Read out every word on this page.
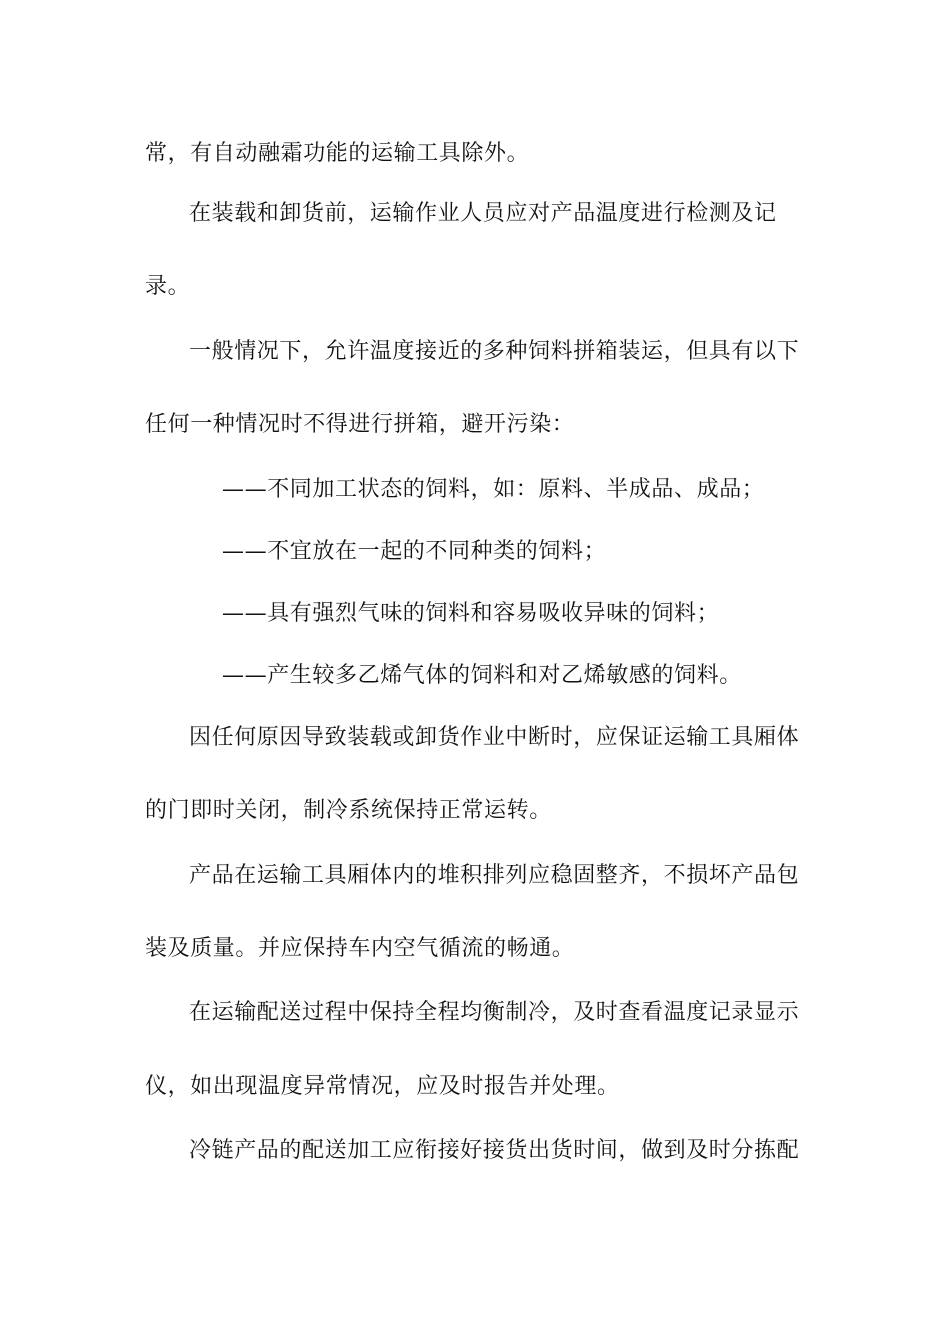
常，有自动融霜功能的运输工具除外。
在装载和卸货前，运输作业人员应对产品温度进行检测及记
录。
一般情况下，允许温度接近的多种饲料拼箱装运，但具有以下
任何一种情况时不得进行拼箱，避开污染：
——不同加工状态的饲料，如：原料、半成品、成品；
——不宜放在一起的不同种类的饲料；
——具有强烈气味的饲料和容易吸收异味的饲料；
——产生较多乙烯气体的饲料和对乙烯敏感的饲料。
因任何原因导致装载或卸货作业中断时，应保证运输工具厢体
的门即时关闭，制冷系统保持正常运转。
产品在运输工具厢体内的堆积排列应稳固整齐，不损坏产品包
装及质量。并应保持车内空气循流的畅通。
在运输配送过程中保持全程均衡制冷，及时查看温度记录显示
仪，如出现温度异常情况，应及时报告并处理。
冷链产品的配送加工应衔接好接货出货时间，做到及时分拣配
